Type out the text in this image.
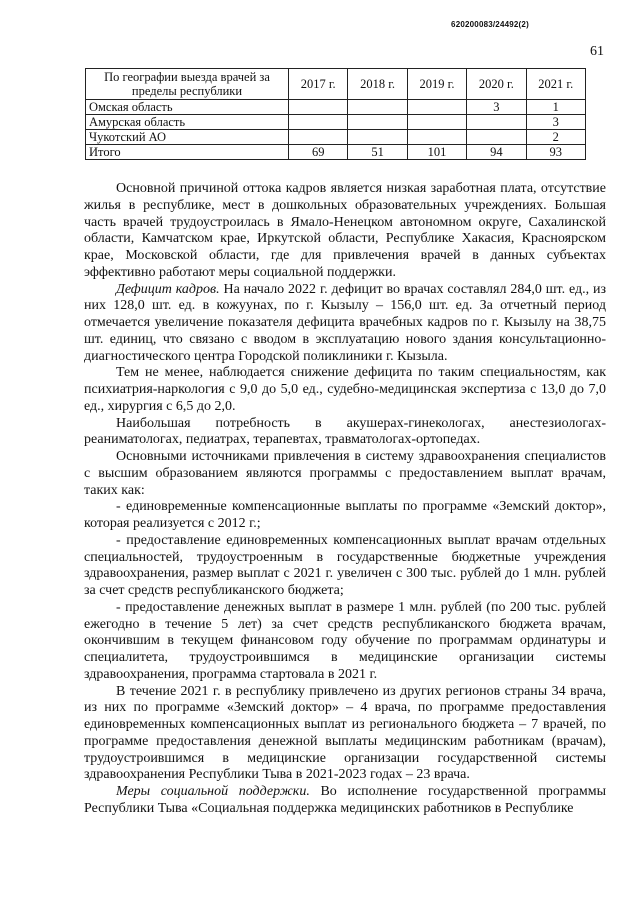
620200083/24492(2)
61
По географии выезда врачей за пределы республики	2017 г.	2018 г.	2019 г.	2020 г.	2021 г.
Омская область				3	1
Амурская область					3
Чукотский АО					2
Итого	69	51	101	94	93

Основной причиной оттока кадров является низкая заработная плата, отсутствие жилья в республике, мест в дошкольных образовательных учреждениях. Большая часть врачей трудоустроилась в Ямало-Ненецком автономном округе, Сахалинской области, Камчатском крае, Иркутской области, Республике Хакасия, Красноярском крае, Московской области, где для привлечения врачей в данных субъектах эффективно работают меры социальной поддержки.

Дефицит кадров. На начало 2022 г. дефицит во врачах составлял 284,0 шт. ед., из них 128,0 шт. ед. в кожуунах, по г. Кызылу – 156,0 шт. ед. За отчетный период отмечается увеличение показателя дефицита врачебных кадров по г. Кызылу на 38,75 шт. единиц, что связано с вводом в эксплуатацию нового здания консультационно-диагностического центра Городской поликлиники г. Кызыла.

Тем не менее, наблюдается снижение дефицита по таким специальностям, как психиатрия-наркология с 9,0 до 5,0 ед., судебно-медицинская экспертиза с 13,0 до 7,0 ед., хирургия с 6,5 до 2,0.

Наибольшая потребность в акушерах-гинекологах, анестезиологах-реаниматологах, педиатрах, терапевтах, травматологах-ортопедах.

Основными источниками привлечения в систему здравоохранения специалистов с высшим образованием являются программы с предоставлением выплат врачам, таких как:

- единовременные компенсационные выплаты по программе «Земский доктор», которая реализуется с 2012 г.;

- предоставление единовременных компенсационных выплат врачам отдельных специальностей, трудоустроенным в государственные бюджетные учреждения здравоохранения, размер выплат с 2021 г. увеличен с 300 тыс. рублей до 1 млн. рублей за счет средств республиканского бюджета;

- предоставление денежных выплат в размере 1 млн. рублей (по 200 тыс. рублей ежегодно в течение 5 лет) за счет средств республиканского бюджета врачам, окончившим в текущем финансовом году обучение по программам ординатуры и специалитета, трудоустроившимся в медицинские организации системы здравоохранения, программа стартовала в 2021 г.

В течение 2021 г. в республику привлечено из других регионов страны 34 врача, из них по программе «Земский доктор» – 4 врача, по программе предоставления единовременных компенсационных выплат из регионального бюджета – 7 врачей, по программе предоставления денежной выплаты медицинским работникам (врачам), трудоустроившимся в медицинские организации государственной системы здравоохранения Республики Тыва в 2021-2023 годах – 23 врача.

Меры социальной поддержки. Во исполнение государственной программы Республики Тыва «Социальная поддержка медицинских работников в Республике
